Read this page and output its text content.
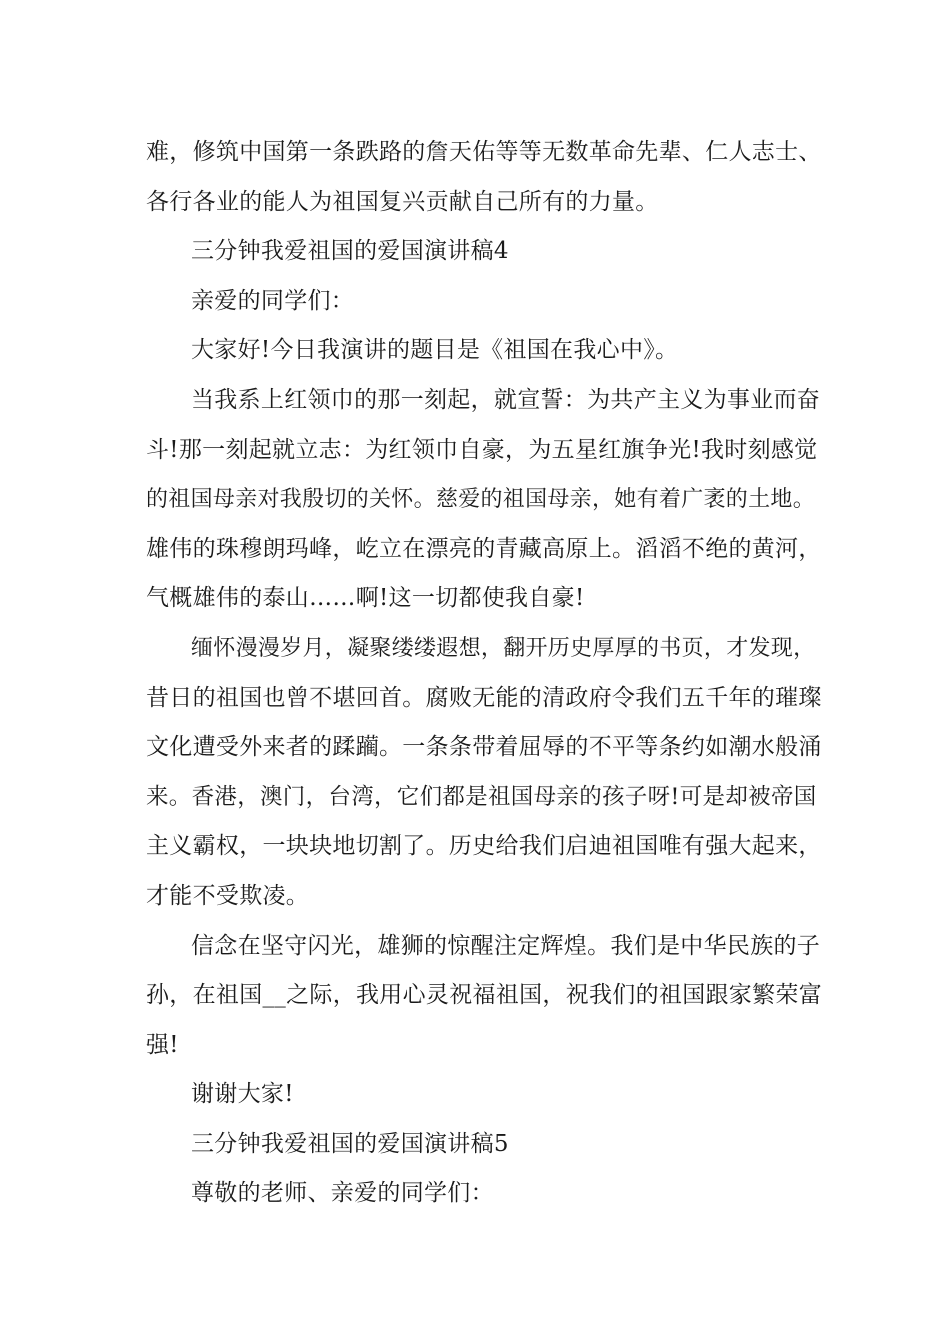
难，修筑中国第一条跌路的詹天佑等等无数革命先辈、仁人志士、
各行各业的能人为祖国复兴贡献自己所有的力量。
三分钟我爱祖国的爱国演讲稿4
亲爱的同学们：
大家好!今日我演讲的题目是《祖国在我心中》。
当我系上红领巾的那一刻起，就宣誓：为共产主义为事业而奋
斗!那一刻起就立志：为红领巾自豪，为五星红旗争光!我时刻感觉
的祖国母亲对我殷切的关怀。慈爱的祖国母亲，她有着广袤的土地。
雄伟的珠穆朗玛峰，屹立在漂亮的青藏高原上。滔滔不绝的黄河，
气概雄伟的泰山……啊!这一切都使我自豪!
缅怀漫漫岁月，凝聚缕缕遐想，翻开历史厚厚的书页，才发现，
昔日的祖国也曾不堪回首。腐败无能的清政府令我们五千年的璀璨
文化遭受外来者的蹂躏。一条条带着屈辱的不平等条约如潮水般涌
来。香港，澳门，台湾，它们都是祖国母亲的孩子呀!可是却被帝国
主义霸权，一块块地切割了。历史给我们启迪祖国唯有强大起来，
才能不受欺凌。
信念在坚守闪光，雄狮的惊醒注定辉煌。我们是中华民族的子
孙，在祖国__之际，我用心灵祝福祖国，祝我们的祖国跟家繁荣富
强!
谢谢大家!
三分钟我爱祖国的爱国演讲稿5
尊敬的老师、亲爱的同学们：
